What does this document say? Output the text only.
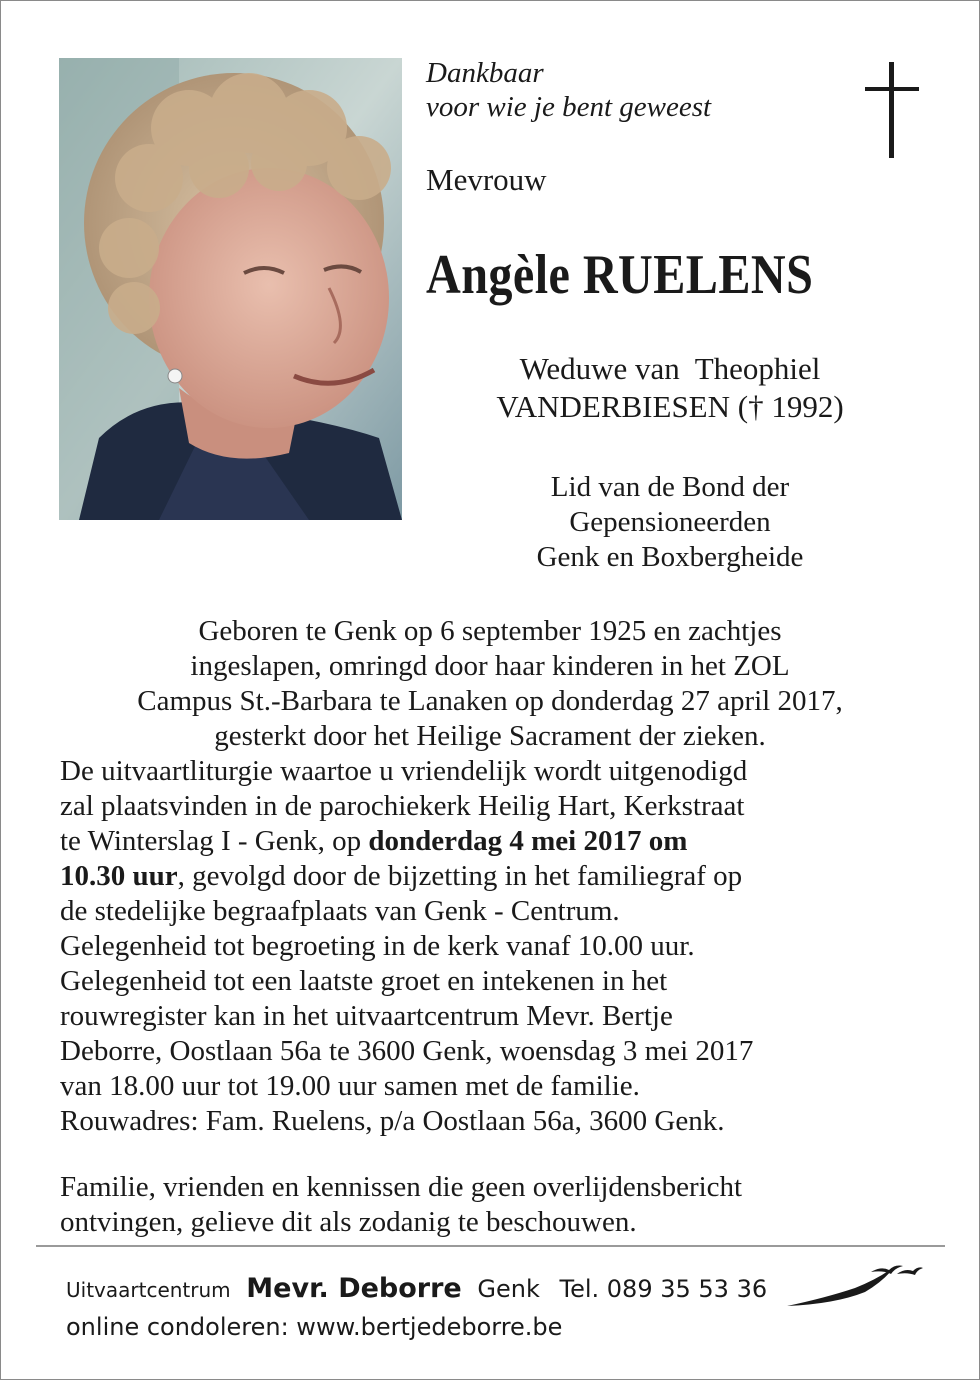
Dankbaar
voor wie je bent geweest
Mevrouw
Angèle RUELENS
Weduwe van  Theophiel
VANDERBIESEN († 1992)
Lid van de Bond der
Gepensioneerden
Genk en Boxbergheide
Geboren te Genk op 6 september 1925 en zachtjes
ingeslapen, omringd door haar kinderen in het ZOL
Campus St.-Barbara te Lanaken op donderdag 27 april 2017,
gesterkt door het Heilige Sacrament der zieken.
De uitvaartliturgie waartoe u vriendelijk wordt uitgenodigd
zal plaatsvinden in de parochiekerk Heilig Hart, Kerkstraat
te Winterslag I - Genk, op donderdag 4 mei 2017 om
10.30 uur, gevolgd door de bijzetting in het familiegraf op
de stedelijke begraafplaats van Genk - Centrum.
Gelegenheid tot begroeting in de kerk vanaf 10.00 uur.
Gelegenheid tot een laatste groet en intekenen in het
rouwregister kan in het uitvaartcentrum Mevr. Bertje
Deborre, Oostlaan 56a te 3600 Genk, woensdag 3 mei 2017
van 18.00 uur tot 19.00 uur samen met de familie.
Rouwadres: Fam. Ruelens, p/a Oostlaan 56a, 3600 Genk.
Familie, vrienden en kennissen die geen overlijdensbericht
ontvingen, gelieve dit als zodanig te beschouwen.
Uitvaartcentrum Mevr. Deborre Genk Tel. 089 35 53 36
online condoleren: www.bertjedeborre.be
